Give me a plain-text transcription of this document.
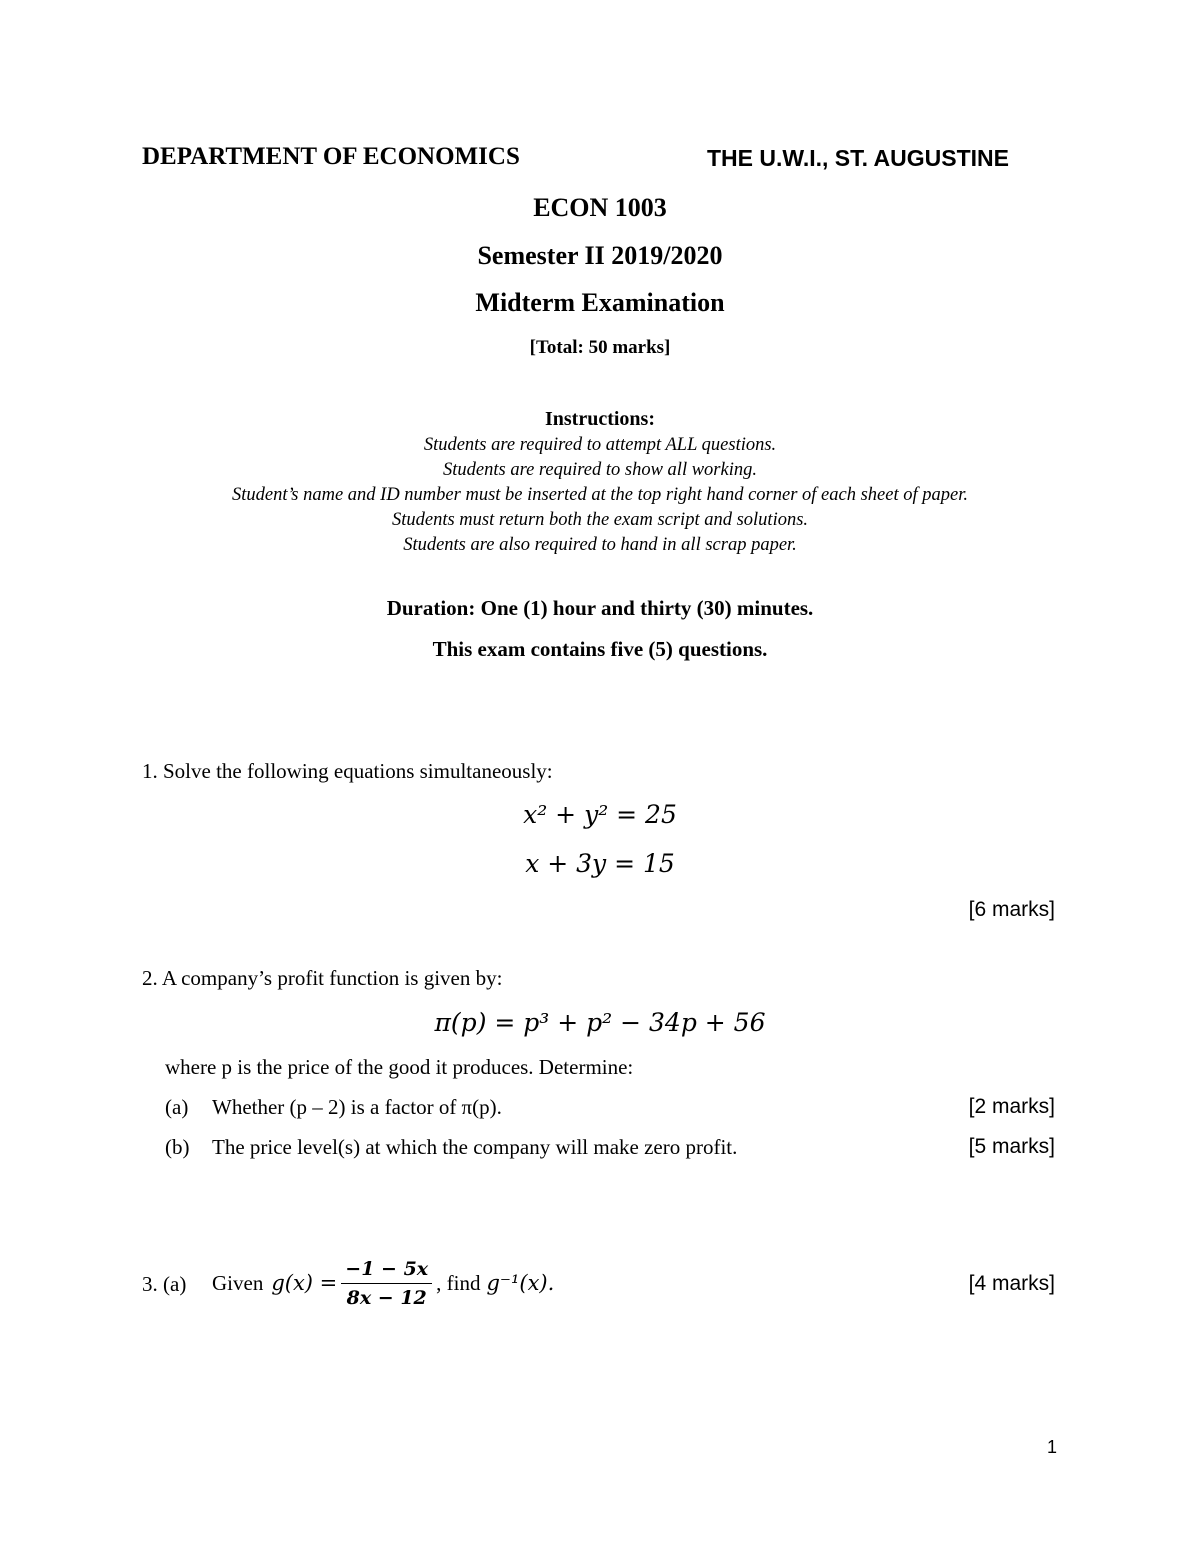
DEPARTMENT OF ECONOMICS	THE U.W.I., ST. AUGUSTINE
ECON 1003
Semester II 2019/2020
Midterm Examination
[Total: 50 marks]
Instructions:
Students are required to attempt ALL questions.
Students are required to show all working.
Student’s name and ID number must be inserted at the top right hand corner of each sheet of paper.
Students must return both the exam script and solutions.
Students are also required to hand in all scrap paper.
Duration: One (1) hour and thirty (30) minutes.
This exam contains five (5) questions.
1. Solve the following equations simultaneously:
x² + y² = 25
x + 3y = 15
[6 marks]
2. A company’s profit function is given by:
π(p) = p³ + p² − 34p + 56
where p is the price of the good it produces. Determine:
(a) Whether (p – 2) is a factor of π(p).	[2 marks]
(b) The price level(s) at which the company will make zero profit.	[5 marks]
3. (a) Given $g(x) = \frac{-1 - 5x}{8x - 12}$ , find g⁻¹(x).	[4 marks]
1
